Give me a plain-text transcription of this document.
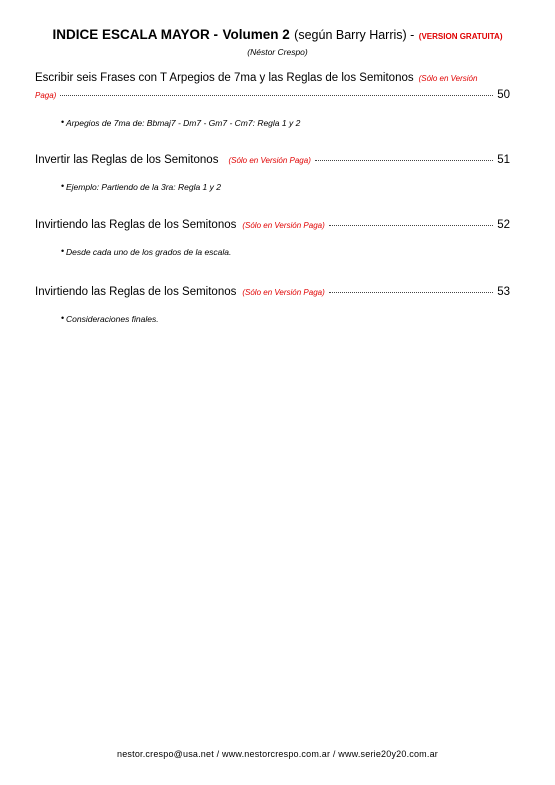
INDICE ESCALA MAYOR - Volumen 2 (según Barry Harris) - (VERSION GRATUITA)
(Néstor Crespo)
Escribir seis Frases con T Arpegios de 7ma y las Reglas de los Semitonos (Sólo en Versión
Paga)	50
• Arpegios de 7ma de: Bbmaj7 - Dm7 - Gm7 - Cm7: Regla 1 y 2
Invertir las Reglas de los Semitonos (Sólo en Versión Paga)	51
• Ejemplo: Partiendo de la 3ra: Regla 1 y 2
Invirtiendo las Reglas de los Semitonos (Sólo en Versión Paga)	52
• Desde cada uno de los grados de la escala.
Invirtiendo las Reglas de los Semitonos (Sólo en Versión Paga)	53
• Consideraciones finales.
nestor.crespo@usa.net / www.nestorcrespo.com.ar / www.serie20y20.com.ar
